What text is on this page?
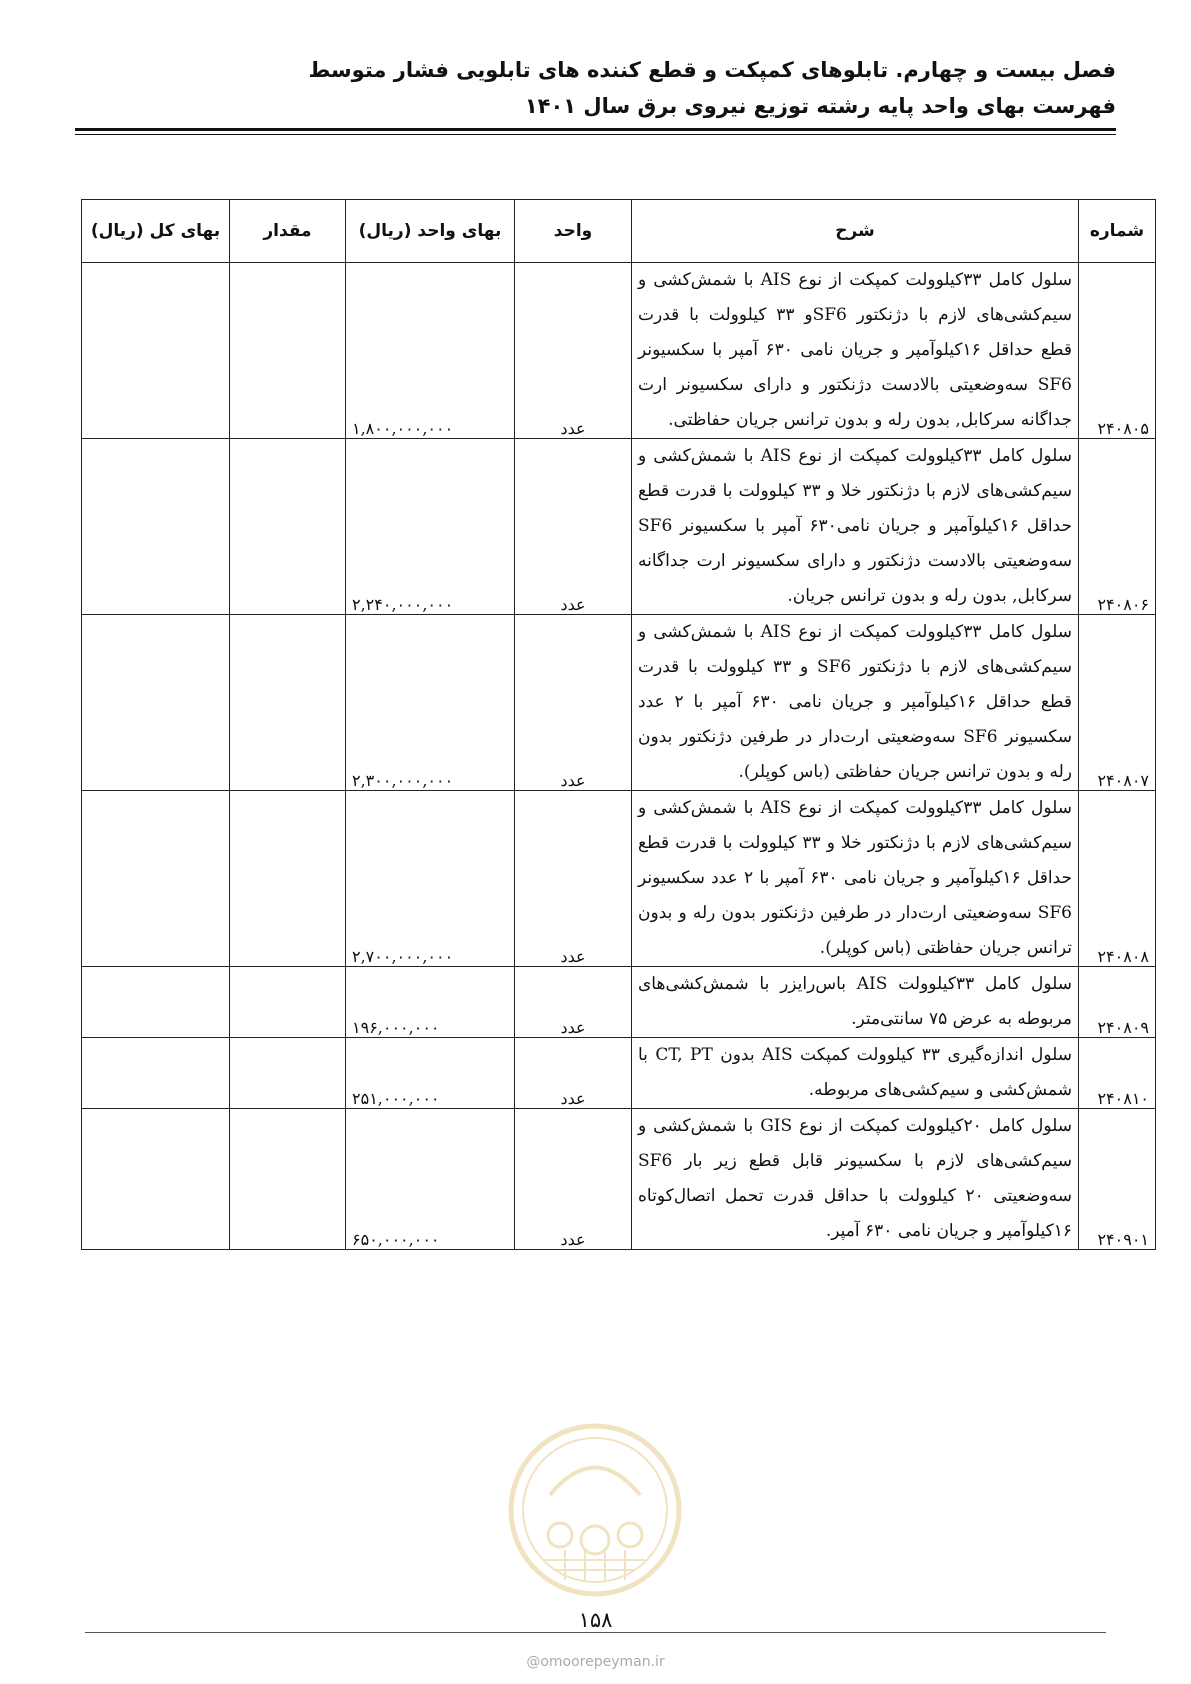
فصل بیست و چهارم. تابلوهای کمپکت و قطع کننده های تابلویی فشار متوسط
فهرست بهای واحد پایه رشته توزیع نیروی برق سال ۱۴۰۱
شماره	شرح	واحد	بهای واحد (ریال)	مقدار	بهای کل (ریال)
۲۴۰۸۰۵	سلول کامل ۳۳کیلوولت کمپکت از نوع AIS با شمش‌کشی و سیم‌کشی‌های لازم با دژنکتور SF6و ۳۳ کیلوولت با قدرت قطع حداقل ۱۶کیلوآمپر و جریان نامی ۶۳۰ آمپر با سکسیونر SF6 سه‌وضعیتی بالادست دژنکتور و دارای سکسیونر ارت جداگانه سرکابل, بدون رله و بدون ترانس جریان حفاظتی.	عدد	۱,۸۰۰,۰۰۰,۰۰۰		
۲۴۰۸۰۶	سلول کامل ۳۳کیلوولت کمپکت از نوع AIS با شمش‌کشی و سیم‌کشی‌های لازم با دژنکتور خلا و ۳۳ کیلوولت با قدرت قطع حداقل ۱۶کیلوآمپر و جریان نامی۶۳۰ آمپر با سکسیونر SF6 سه‌وضعیتی بالادست دژنکتور و دارای سکسیونر ارت جداگانه سرکابل, بدون رله و بدون ترانس جریان.	عدد	۲,۲۴۰,۰۰۰,۰۰۰		
۲۴۰۸۰۷	سلول کامل ۳۳کیلوولت کمپکت از نوع AIS با شمش‌کشی و سیم‌کشی‌های لازم با دژنکتور SF6 و ۳۳ کیلوولت با قدرت قطع حداقل ۱۶کیلوآمپر و جریان نامی ۶۳۰ آمپر با ۲ عدد سکسیونر SF6 سه‌وضعیتی ارت‌دار در طرفین دژنکتور بدون رله و بدون ترانس جریان حفاظتی (باس کوپلر).	عدد	۲,۳۰۰,۰۰۰,۰۰۰		
۲۴۰۸۰۸	سلول کامل ۳۳کیلوولت کمپکت از نوع AIS با شمش‌کشی و سیم‌کشی‌های لازم با دژنکتور خلا و ۳۳ کیلوولت با قدرت قطع حداقل ۱۶کیلوآمپر و جریان نامی ۶۳۰ آمپر با ۲ عدد سکسیونر SF6 سه‌وضعیتی ارت‌دار در طرفین دژنکتور بدون رله و بدون ترانس جریان حفاظتی (باس کوپلر).	عدد	۲,۷۰۰,۰۰۰,۰۰۰		
۲۴۰۸۰۹	سلول کامل ۳۳کیلوولت AIS باس‌رایزر با شمش‌کشی‌های مربوطه به عرض ۷۵ سانتی‌متر.	عدد	۱۹۶,۰۰۰,۰۰۰		
۲۴۰۸۱۰	سلول اندازه‌گیری ۳۳ کیلوولت کمپکت AIS بدون CT, PT با شمش‌کشی و سیم‌کشی‌های مربوطه.	عدد	۲۵۱,۰۰۰,۰۰۰		
۲۴۰۹۰۱	سلول کامل ۲۰کیلوولت کمپکت از نوع GIS با شمش‌کشی و سیم‌کشی‌های لازم با سکسیونر قابل قطع زیر بار SF6 سه‌وضعیتی ۲۰ کیلوولت با حداقل قدرت تحمل اتصال‌کوتاه ۱۶کیلوآمپر و جریان نامی ۶۳۰ آمپر.	عدد	۶۵۰,۰۰۰,۰۰۰		
۱۵۸
@omoorepeyman.ir
